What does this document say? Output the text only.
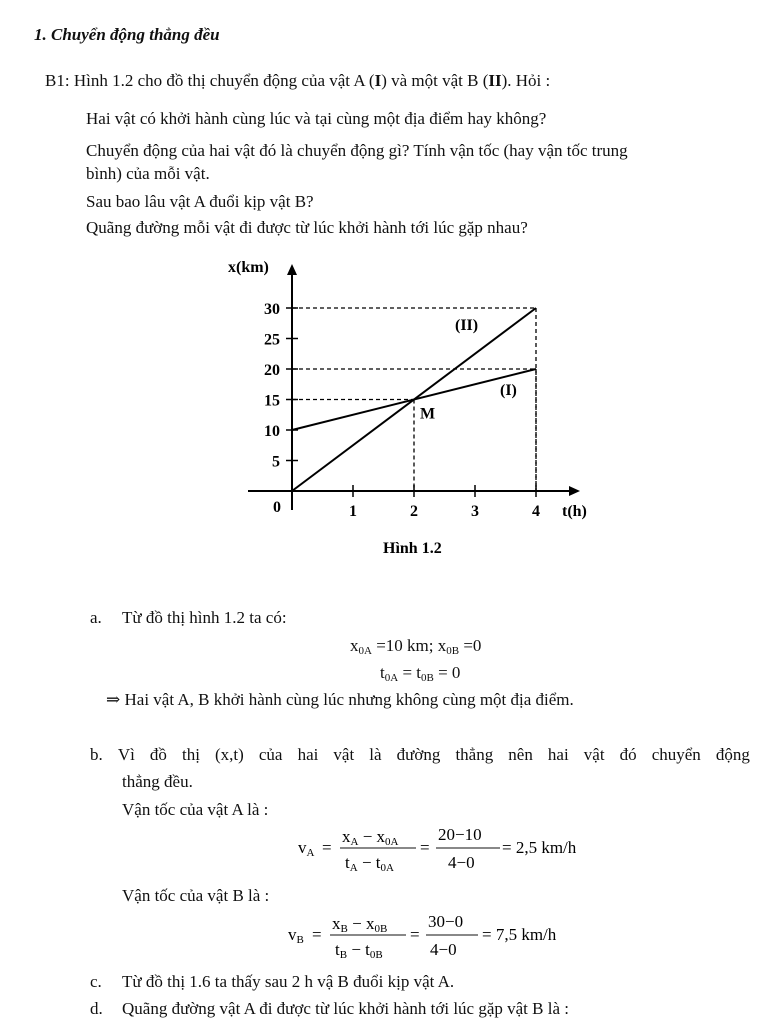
1. Chuyển động thẳng đều
B1: Hình 1.2 cho đồ thị chuyển động của vật A (I) và một vật B (II). Hỏi :
Hai vật có khởi hành cùng lúc và tại cùng một địa điểm hay không?
Chuyển động của hai vật đó là chuyển động gì? Tính vận tốc (hay vận tốc trung
bình) của mỗi vật.
Sau bao lâu vật A đuổi kịp vật B?
Quãng đường mỗi vật đi được từ lúc khởi hành tới lúc gặp nhau?
x(km)
t(h)
0	1	2	3	4
5
10
15
20
25
30
(I)
(II)
M
Hình 1.2
a. Từ đồ thị hình 1.2 ta có:
$x_{0A} =10$ km; $x_{0B} =0$
$t_{0A} = t_{0B} = 0$
⇒ Hai vật A, B khởi hành cùng lúc nhưng không cùng một địa điểm.
b. Vì đồ thị (x,t) của hai vật là đường thẳng nên hai vật đó chuyển động
thẳng đều.
Vận tốc của vật A là :
vA =
xA − x0A
tA − t0A
=
20−10
4−0
= 2,5 km/h
Vận tốc của vật B là :
vB =
xB − x0B
tB − t0B
=
30−0
4−0
= 7,5 km/h
c. Từ đồ thị 1.6 ta thấy sau 2 h vậ B đuổi kịp vật A.
d. Quãng đường vật A đi được từ lúc khởi hành tới lúc gặp vật B là :
